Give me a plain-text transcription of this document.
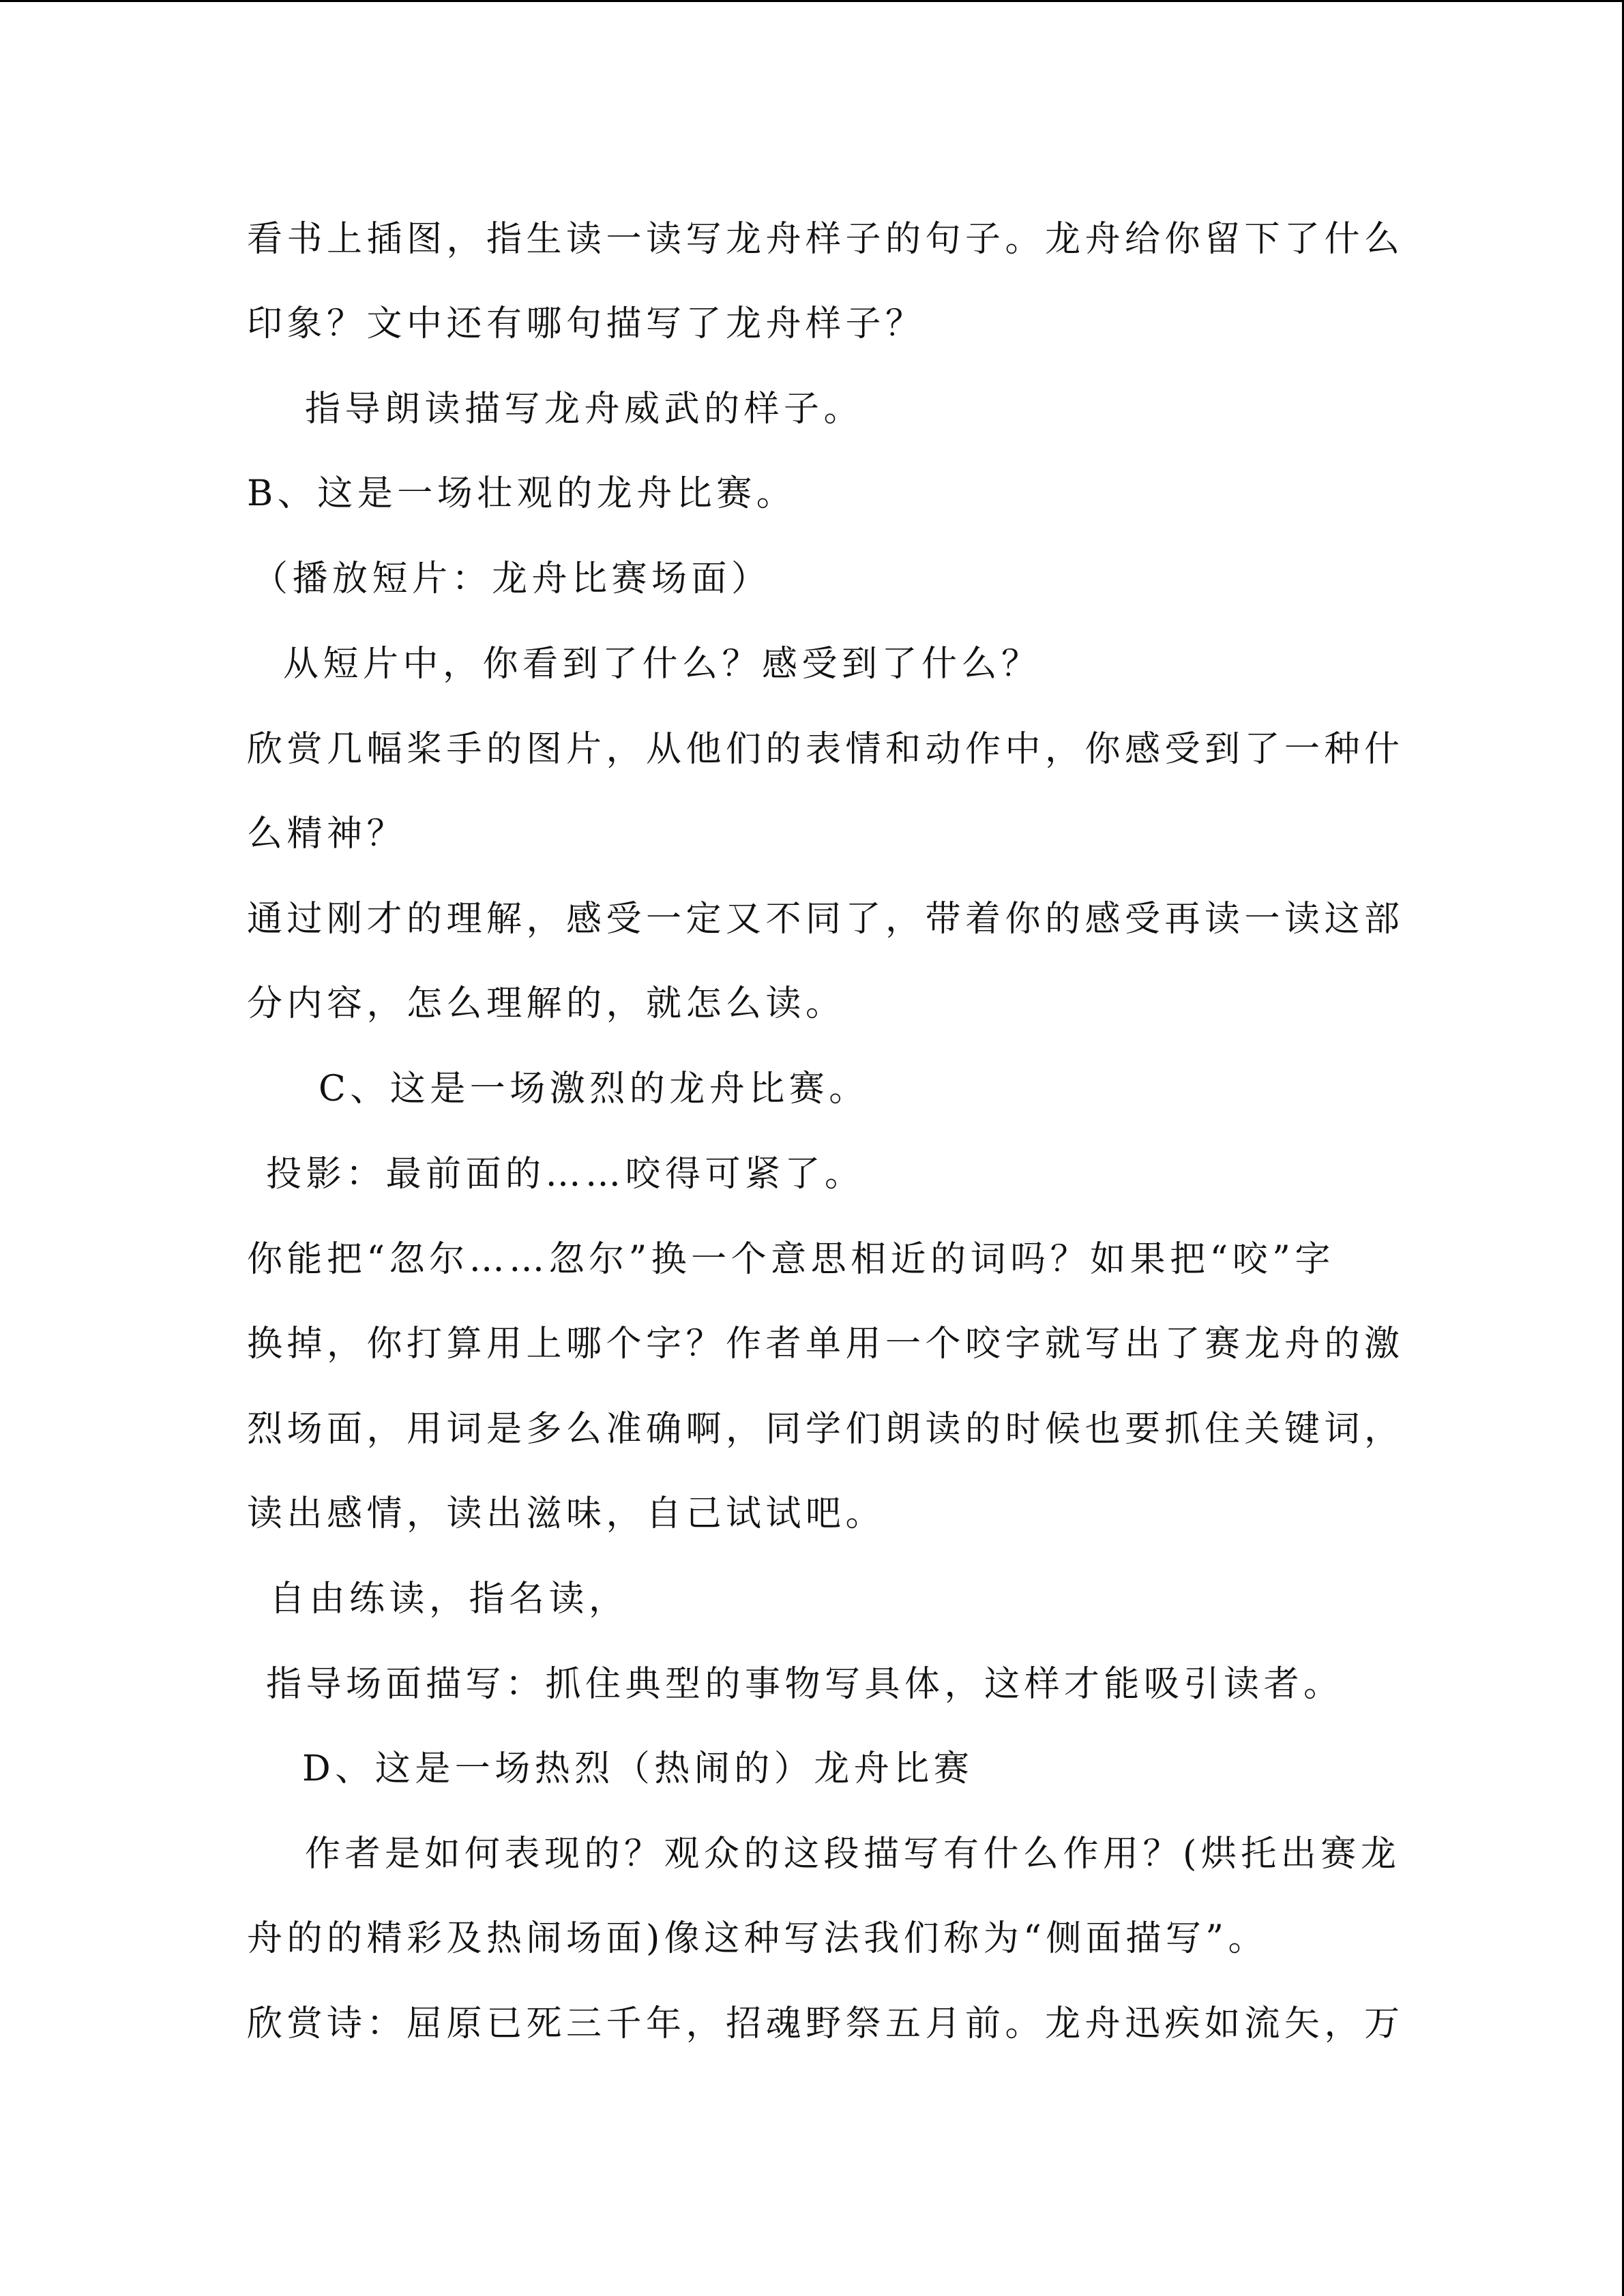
看书上插图，指生读一读写龙舟样子的句子。龙舟给你留下了什么
印象？文中还有哪句描写了龙舟样子？
指导朗读描写龙舟威武的样子。
B、这是一场壮观的龙舟比赛。
（播放短片：龙舟比赛场面）
从短片中，你看到了什么？感受到了什么？
欣赏几幅桨手的图片，从他们的表情和动作中，你感受到了一种什
么精神？
通过刚才的理解，感受一定又不同了，带着你的感受再读一读这部
分内容，怎么理解的，就怎么读。
C、这是一场激烈的龙舟比赛。
投影：最前面的……咬得可紧了。
你能把“忽尔……忽尔”换一个意思相近的词吗？如果把“咬”字
换掉，你打算用上哪个字？作者单用一个咬字就写出了赛龙舟的激
烈场面，用词是多么准确啊，同学们朗读的时候也要抓住关键词，
读出感情，读出滋味，自己试试吧。
自由练读，指名读，
指导场面描写：抓住典型的事物写具体，这样才能吸引读者。
D、这是一场热烈（热闹的）龙舟比赛
作者是如何表现的？观众的这段描写有什么作用？(烘托出赛龙
舟的的精彩及热闹场面)像这种写法我们称为“侧面描写”。
欣赏诗：屈原已死三千年，招魂野祭五月前。龙舟迅疾如流矢，万
